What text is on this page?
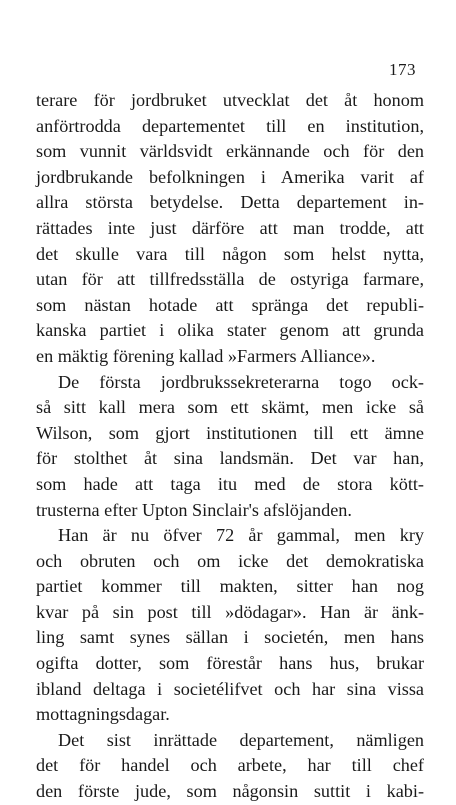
173
terare för jordbruket utvecklat det åt honom
anförtrodda departementet till en institution,
som vunnit världsvidt erkännande och för den
jordbrukande befolkningen i Amerika varit af
allra största betydelse. Detta departement in-
rättades inte just därföre att man trodde, att
det skulle vara till någon som helst nytta,
utan för att tillfredsställa de ostyriga farmare,
som nästan hotade att spränga det republi-
kanska partiet i olika stater genom att grunda
en mäktig förening kallad »Farmers Alliance».
De första jordbrukssekreterarna togo ock-
så sitt kall mera som ett skämt, men icke så
Wilson, som gjort institutionen till ett ämne
för stolthet åt sina landsmän. Det var han,
som hade att taga itu med de stora kött-
trusterna efter Upton Sinclair's afslöjanden.
Han är nu öfver 72 år gammal, men kry
och obruten och om icke det demokratiska
partiet kommer till makten, sitter han nog
kvar på sin post till »dödagar». Han är änk-
ling samt synes sällan i societén, men hans
ogifta dotter, som förestår hans hus, brukar
ibland deltaga i societélifvet och har sina vissa
mottagningsdagar.
Det sist inrättade departement, nämligen
det för handel och arbete, har till chef
den förste jude, som någonsin suttit i kabi-
